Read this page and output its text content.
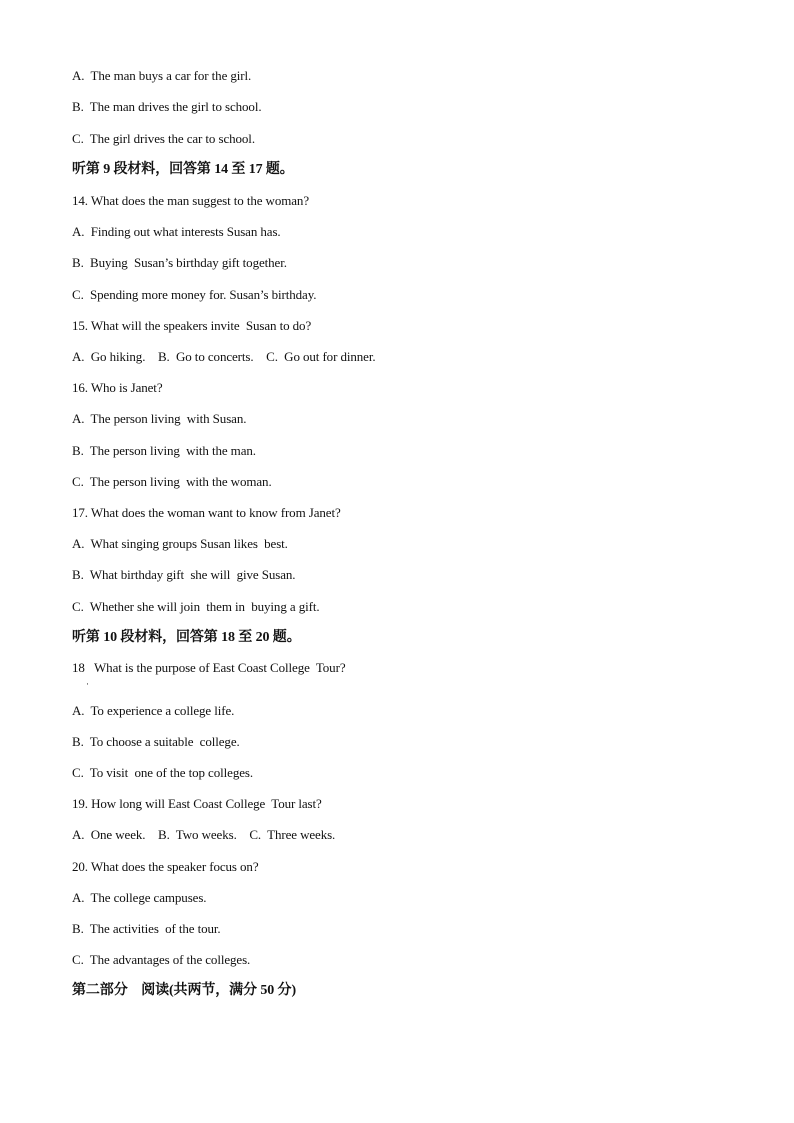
A.  The man buys a car for the girl.
B.  The man drives the girl to school.
C.  The girl drives the car to school.
听第 9 段材料，回答第 14 至 17 题。
14. What does the man suggest to the woman?
A.  Finding out what interests Susan has.
B.  Buying  Susan’s birthday gift together.
C.  Spending more money for. Susan’s birthday.
15. What will the speakers invite  Susan to do?
A.  Go hiking.    B.  Go to concerts.    C.  Go out for dinner.
16. Who is Janet?
A.  The person living  with Susan.
B.  The person living  with the man.
C.  The person living  with the woman.
17. What does the woman want to know from Janet?
A.  What singing groups Susan likes  best.
B.  What birthday gift  she will  give Susan.
C.  Whether she will join  them in  buying a gift.
听第 10 段材料，回答第 18 至 20 题。
18   What is the purpose of East Coast College  Tour?
·
A.  To experience a college life.
B.  To choose a suitable  college.
C.  To visit  one of the top colleges.
19. How long will East Coast College  Tour last?
A.  One week.    B.  Two weeks.    C.  Three weeks.
20. What does the speaker focus on?
A.  The college campuses.
B.  The activities  of the tour.
C.  The advantages of the colleges.
第二部分    阅读(共两节，满分 50 分)
